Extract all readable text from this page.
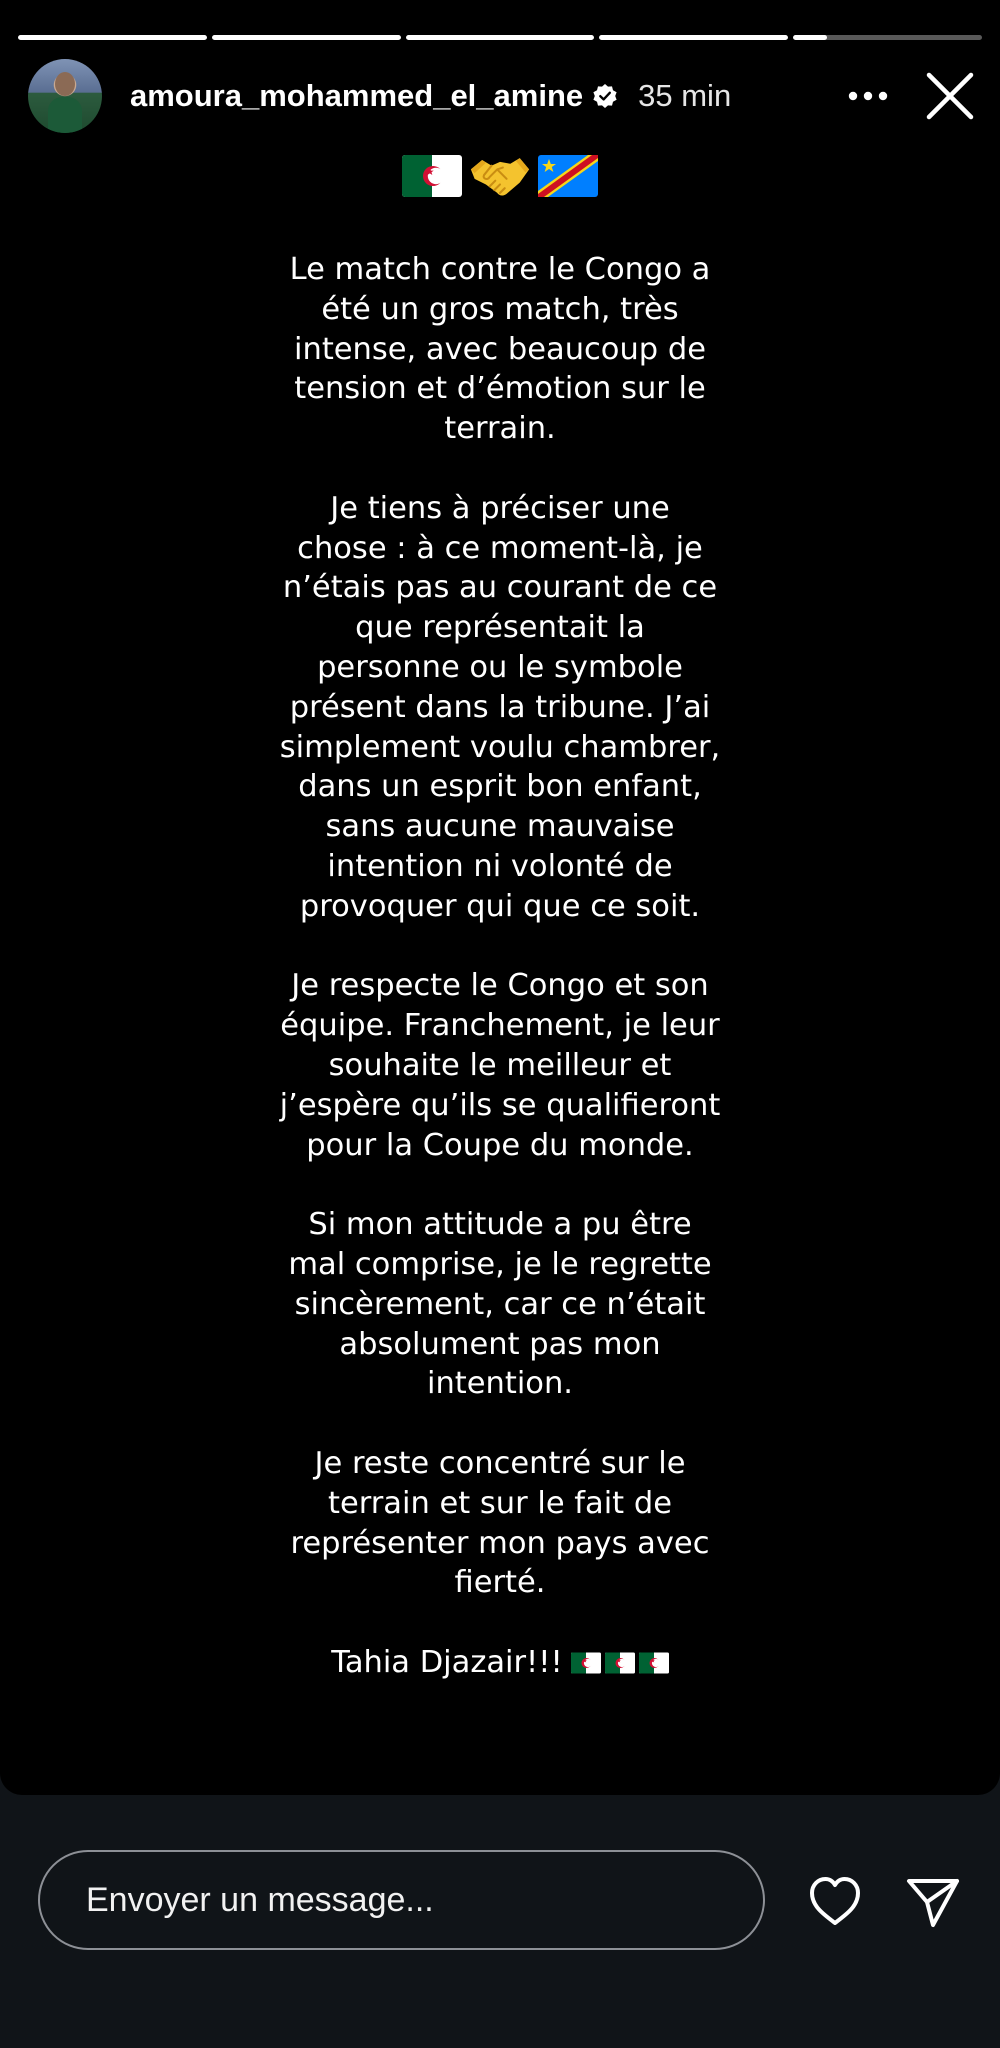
amoura_mohammed_el_amine 35 min
Le match contre le Congo a
été un gros match, très
intense, avec beaucoup de
tension et d’émotion sur le
terrain.
Je tiens à préciser une
chose : à ce moment-là, je
n’étais pas au courant de ce
que représentait la
personne ou le symbole
présent dans la tribune. J’ai
simplement voulu chambrer,
dans un esprit bon enfant,
sans aucune mauvaise
intention ni volonté de
provoquer qui que ce soit.
Je respecte le Congo et son
équipe. Franchement, je leur
souhaite le meilleur et
j’espère qu’ils se qualifieront
pour la Coupe du monde.
Si mon attitude a pu être
mal comprise, je le regrette
sincèrement, car ce n’était
absolument pas mon
intention.
Je reste concentré sur le
terrain et sur le fait de
représenter mon pays avec
fierté.
Tahia Djazair!!!
Envoyer un message...
